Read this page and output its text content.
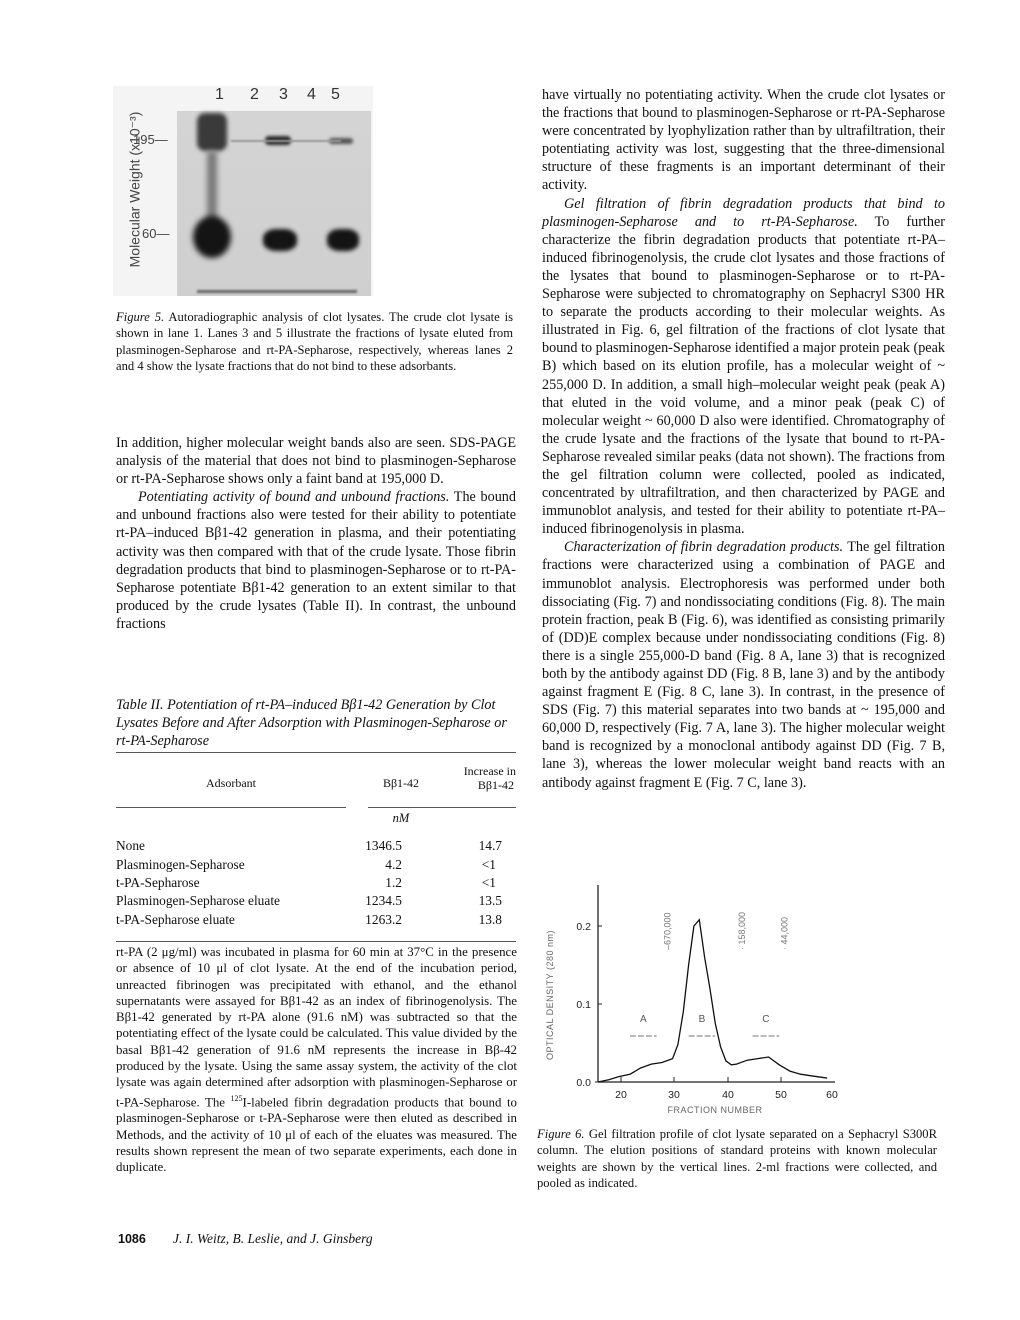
1 2 3 4 5
Molecular Weight (x10⁻³)
195—
60—
Figure 5. Autoradiographic analysis of clot lysates. The crude clot lysate is shown in lane 1. Lanes 3 and 5 illustrate the fractions of lysate eluted from plasminogen-Sepharose and rt-PA-Sepharose, respectively, whereas lanes 2 and 4 show the lysate fractions that do not bind to these adsorbants.

In addition, higher molecular weight bands also are seen. SDS-PAGE analysis of the material that does not bind to plasminogen-Sepharose or rt-PA-Sepharose shows only a faint band at 195,000 D.

Potentiating activity of bound and unbound fractions. The bound and unbound fractions also were tested for their ability to potentiate rt-PA–induced Bβ1-42 generation in plasma, and their potentiating activity was then compared with that of the crude lysate. Those fibrin degradation products that bind to plasminogen-Sepharose or to rt-PA-Sepharose potentiate Bβ1-42 generation to an extent similar to that produced by the crude lysates (Table II). In contrast, the unbound fractions

Table II. Potentiation of rt-PA–induced Bβ1-42 Generation by Clot Lysates Before and After Adsorption with Plasminogen-Sepharose or rt-PA-Sepharose
Adsorbant	Bβ1-42
Increase in
Bβ1-42
nM
None	1346.5	14.7
Plasminogen-Sepharose	4.2	<1
t-PA-Sepharose	1.2	<1
Plasminogen-Sepharose eluate	1234.5	13.5
t-PA-Sepharose eluate	1263.2	13.8
rt-PA (2 μg/ml) was incubated in plasma for 60 min at 37°C in the presence or absence of 10 μl of clot lysate. At the end of the incubation period, unreacted fibrinogen was precipitated with ethanol, and the ethanol supernatants were assayed for Bβ1-42 as an index of fibrinogenolysis. The Bβ1-42 generated by rt-PA alone (91.6 nM) was subtracted so that the potentiating effect of the lysate could be calculated. This value divided by the basal Bβ1-42 generation of 91.6 nM represents the increase in Bβ-42 produced by the lysate. Using the same assay system, the activity of the clot lysate was again determined after adsorption with plasminogen-Sepharose or t-PA-Sepharose. The $^{125}$I-labeled fibrin degradation products that bound to plasminogen-Sepharose or t-PA-Sepharose were then eluted as described in Methods, and the activity of 10 μl of each of the eluates was measured. The results shown represent the mean of two separate experiments, each done in duplicate.

have virtually no potentiating activity. When the crude clot lysates or the fractions that bound to plasminogen-Sepharose or rt-PA-Sepharose were concentrated by lyophylization rather than by ultrafiltration, their potentiating activity was lost, suggesting that the three-dimensional structure of these fragments is an important determinant of their activity.

Gel filtration of fibrin degradation products that bind to plasminogen-Sepharose and to rt-PA-Sepharose. To further characterize the fibrin degradation products that potentiate rt-PA–induced fibrinogenolysis, the crude clot lysates and those fractions of the lysates that bound to plasminogen-Sepharose or to rt-PA-Sepharose were subjected to chromatography on Sephacryl S300 HR to separate the products according to their molecular weights. As illustrated in Fig. 6, gel filtration of the fractions of clot lysate that bound to plasminogen-Sepharose identified a major protein peak (peak B) which based on its elution profile, has a molecular weight of ~ 255,000 D. In addition, a small high–molecular weight peak (peak A) that eluted in the void volume, and a minor peak (peak C) of molecular weight ~ 60,000 D also were identified. Chromatography of the crude lysate and the fractions of the lysate that bound to rt-PA-Sepharose revealed similar peaks (data not shown). The fractions from the gel filtration column were collected, pooled as indicated, concentrated by ultrafiltration, and then characterized by PAGE and immunoblot analysis, and tested for their ability to potentiate rt-PA–induced fibrinogenolysis in plasma.

Characterization of fibrin degradation products. The gel filtration fractions were characterized using a combination of PAGE and immunoblot analysis. Electrophoresis was performed under both dissociating (Fig. 7) and nondissociating conditions (Fig. 8). The main protein fraction, peak B (Fig. 6), was identified as consisting primarily of (DD)E complex because under nondissociating conditions (Fig. 8) there is a single 255,000-D band (Fig. 8 A, lane 3) that is recognized both by the antibody against DD (Fig. 8 B, lane 3) and by the antibody against fragment E (Fig. 8 C, lane 3). In contrast, in the presence of SDS (Fig. 7) this material separates into two bands at ~ 195,000 and 60,000 D, respectively (Fig. 7 A, lane 3). The higher molecular weight band is recognized by a monoclonal antibody against DD (Fig. 7 B, lane 3), whereas the lower molecular weight band reacts with an antibody against fragment E (Fig. 7 C, lane 3).

0.0
0.1
0.2
OPTICAL DENSITY (280 nm)
20	30	40	50	60
FRACTION NUMBER
–670,000	· 158,000	· 44,000
A	B	C
Figure 6. Gel filtration profile of clot lysate separated on a Sephacryl S300R column. The elution positions of standard proteins with known molecular weights are shown by the vertical lines. 2-ml fractions were collected, and pooled as indicated.
1086 J. I. Weitz, B. Leslie, and J. Ginsberg
